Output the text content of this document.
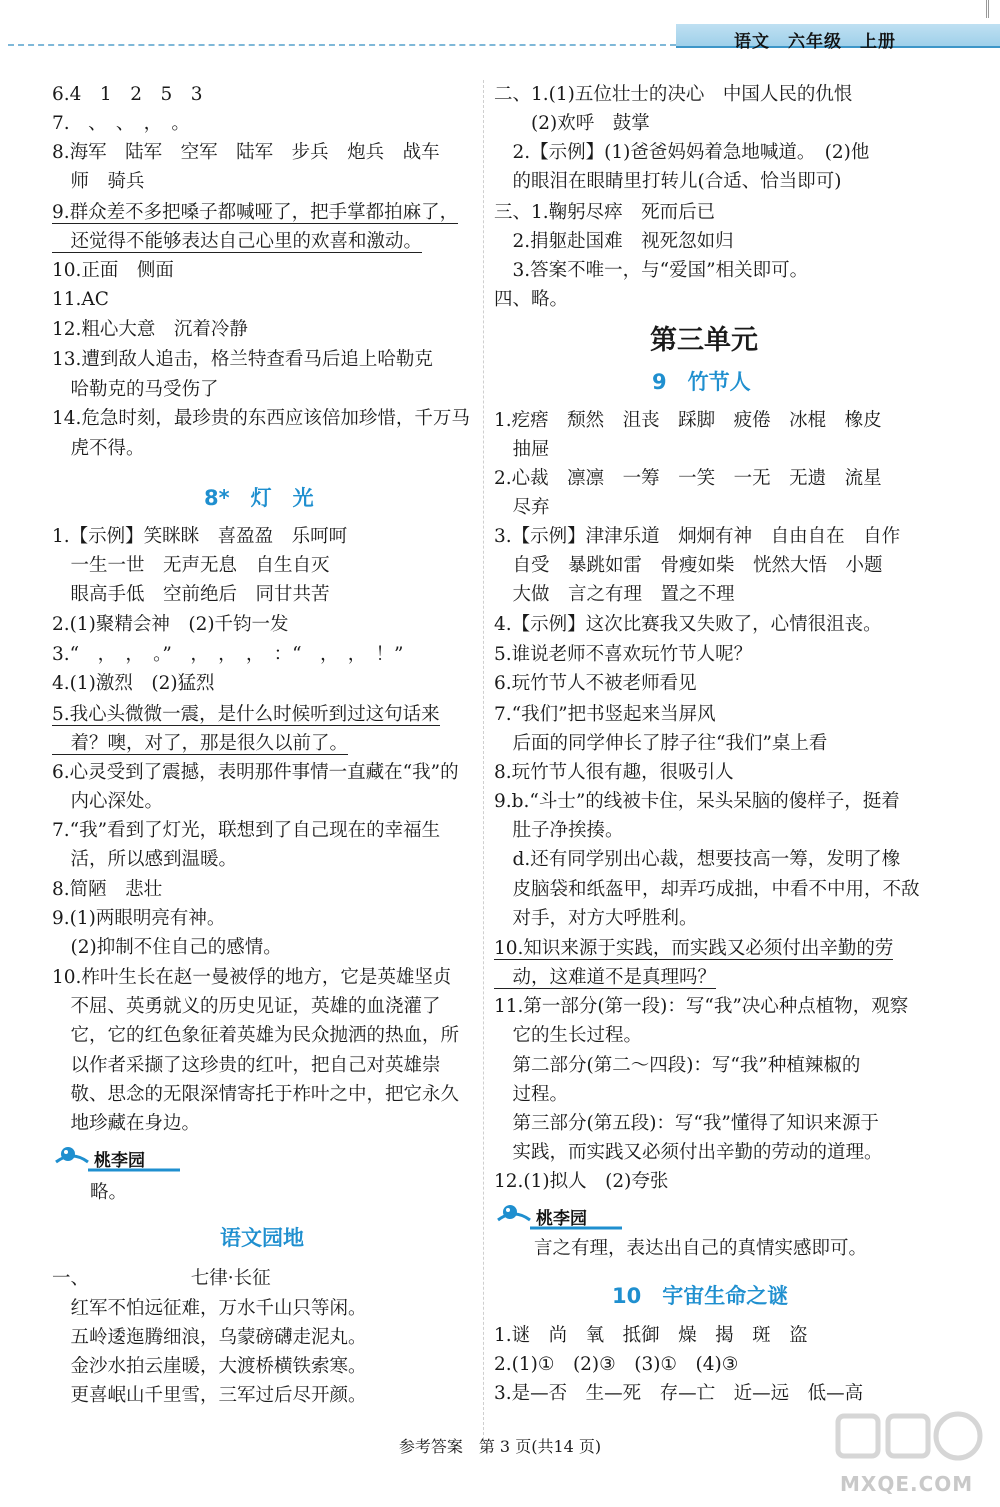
语文　六年级　上册
6.4　1　2　5　3
7.　、　、　，　。
8.海军　陆军　空军　陆军　步兵　炮兵　战车
　师　骑兵
9.群众差不多把嗓子都喊哑了，把手掌都拍麻了，
　还觉得不能够表达自己心里的欢喜和激动。
10.正面　侧面
11.AC
12.粗心大意　沉着冷静
13.遭到敌人追击，格兰特查看马后追上哈勒克
　哈勒克的马受伤了
14.危急时刻，最珍贵的东西应该倍加珍惜，千万马
　虎不得。
8*　灯　光
1.【示例】笑眯眯　喜盈盈　乐呵呵
　一生一世　无声无息　自生自灭
　眼高手低　空前绝后　同甘共苦
2.(1)聚精会神　(2)千钧一发
3.“　，　，　。”　，　，　，　：“　，　，　！”
4.(1)激烈　(2)猛烈
5.我心头微微一震，是什么时候听到过这句话来
　着？噢，对了，那是很久以前了。
6.心灵受到了震撼，表明那件事情一直藏在“我”的
　内心深处。
7.“我”看到了灯光，联想到了自己现在的幸福生
　活，所以感到温暖。
8.简陋　悲壮
9.(1)两眼明亮有神。
　(2)抑制不住自己的感情。
10.柞叶生长在赵一曼被俘的地方，它是英雄坚贞
　不屈、英勇就义的历史见证，英雄的血浇灌了
　它，它的红色象征着英雄为民众抛洒的热血，所
　以作者采撷了这珍贵的红叶，把自己对英雄崇
　敬、思念的无限深情寄托于柞叶之中，把它永久
　地珍藏在身边。
桃李园
略。
语文园地
一、　　　　　　七律·长征
　红军不怕远征难，万水千山只等闲。
　五岭逶迤腾细浪，乌蒙磅礴走泥丸。
　金沙水拍云崖暖，大渡桥横铁索寒。
　更喜岷山千里雪，三军过后尽开颜。
二、1.(1)五位壮士的决心　中国人民的仇恨
　　(2)欢呼　鼓掌
　2.【示例】(1)爸爸妈妈着急地喊道。　(2)他
　的眼泪在眼睛里打转儿(合适、恰当即可)
三、1.鞠躬尽瘁　死而后已
　2.捐躯赴国难　视死忽如归
　3.答案不唯一，与“爱国”相关即可。
四、略。
第三单元
9　竹节人
1.疙瘩　颓然　沮丧　踩脚　疲倦　冰棍　橡皮
　抽屉
2.心裁　凛凛　一筹　一笑　一无　无遗　流星
　尽弃
3.【示例】津津乐道　炯炯有神　自由自在　自作
　自受　暴跳如雷　骨瘦如柴　恍然大悟　小题
　大做　言之有理　置之不理
4.【示例】这次比赛我又失败了，心情很沮丧。
5.谁说老师不喜欢玩竹节人呢？
6.玩竹节人不被老师看见
7.“我们”把书竖起来当屏风
　后面的同学伸长了脖子往“我们”桌上看
8.玩竹节人很有趣，很吸引人
9.b.“斗士”的线被卡住，呆头呆脑的傻样子，挺着
　肚子净挨揍。
　d.还有同学别出心裁，想要技高一筹，发明了橡
　皮脑袋和纸盔甲，却弄巧成拙，中看不中用，不敌
　对手，对方大呼胜利。
10.知识来源于实践，而实践又必须付出辛勤的劳
　动，这难道不是真理吗？
11.第一部分(第一段)：写“我”决心种点植物，观察
　它的生长过程。
　第二部分(第二～四段)：写“我”种植辣椒的
　过程。
　第三部分(第五段)：写“我”懂得了知识来源于
　实践，而实践又必须付出辛勤的劳动的道理。
12.(1)拟人　(2)夸张
桃李园
言之有理，表达出自己的真情实感即可。
10　宇宙生命之谜
1.谜　尚　氧　抵御　燥　揭　斑　盗
2.(1)①　(2)③　(3)①　(4)③
3.是—否　生—死　存—亡　近—远　低—高
参考答案　第 3 页(共14 页)
MXQE.COM
